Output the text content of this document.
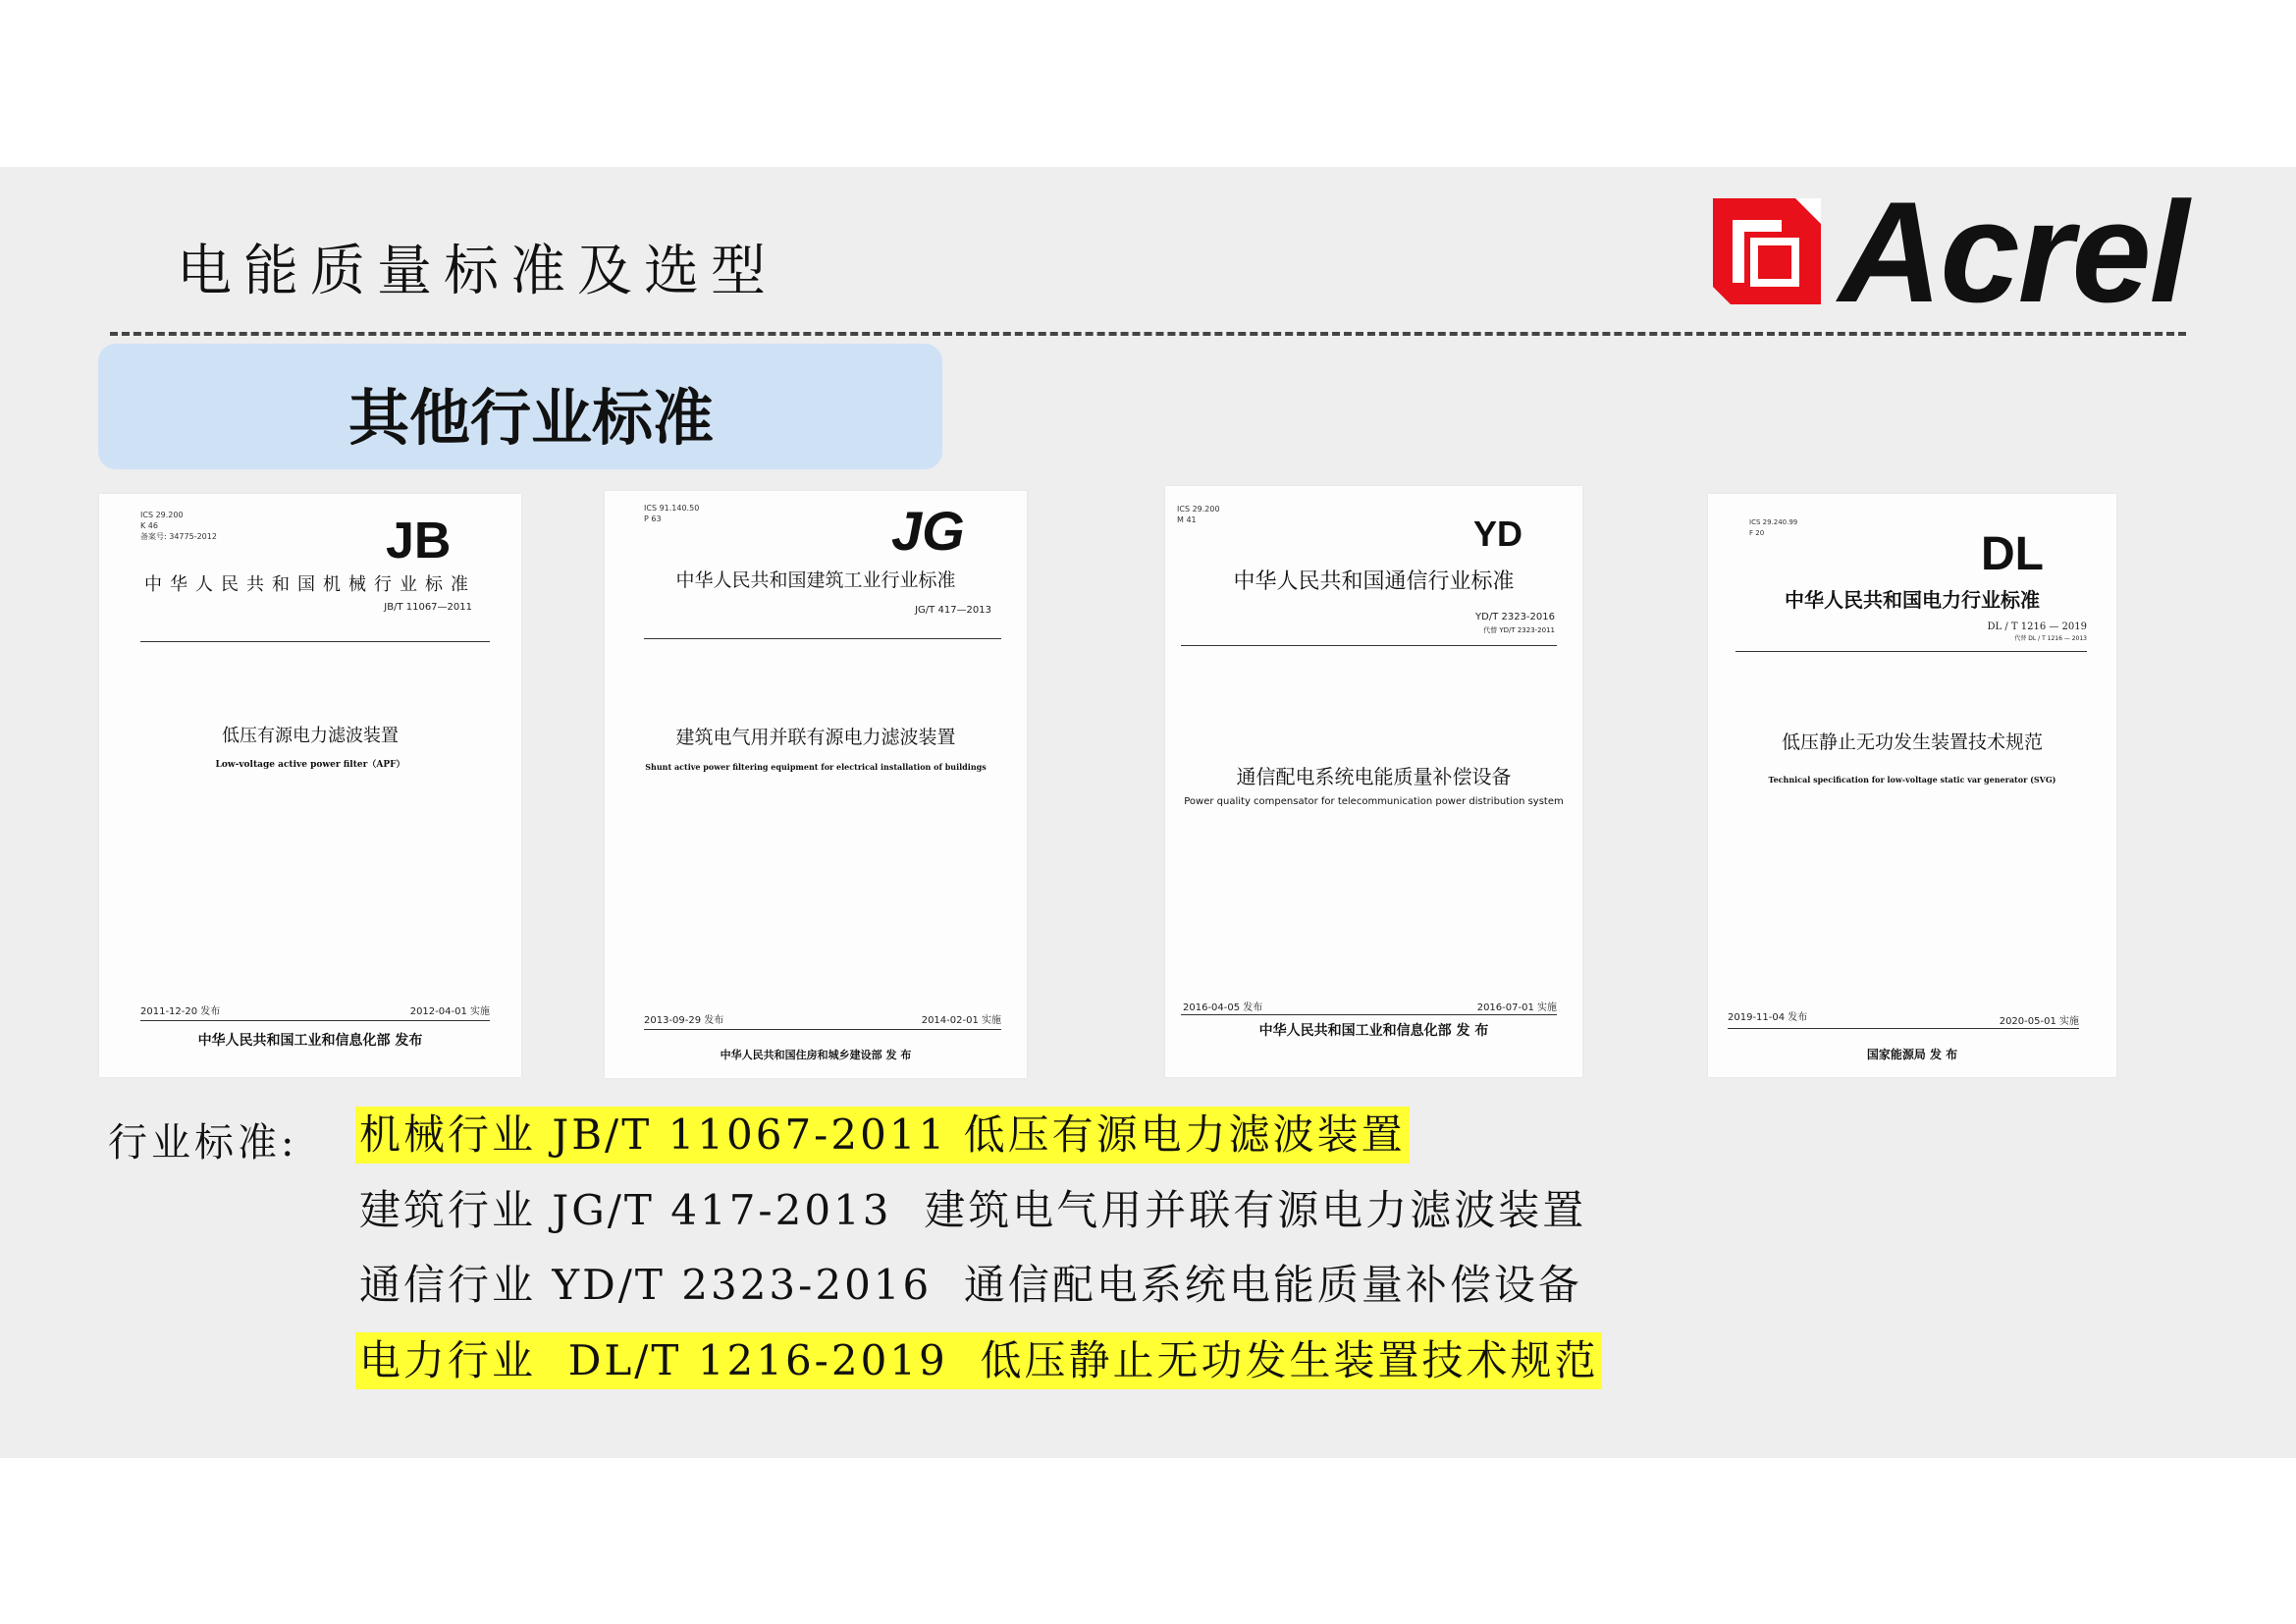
电能质量标准及选型	Acrel
其他行业标准
ICS 29.200
K 46
备案号: 34775-2012	JB
中华人民共和国机械行业标准
JB/T 11067—2011
低压有源电力滤波装置
Low-voltage active power filter（APF）
2011-12-20 发布	2012-04-01 实施
中华人民共和国工业和信息化部 发布
ICS 91.140.50
P 63	JG
中华人民共和国建筑工业行业标准
JG/T 417—2013
建筑电气用并联有源电力滤波装置
Shunt active power filtering equipment for electrical installation of buildings
2013-09-29 发布	2014-02-01 实施
中华人民共和国住房和城乡建设部 发 布
ICS 29.200
M 41	YD
中华人民共和国通信行业标准
YD/T 2323-2016
代替 YD/T 2323-2011
通信配电系统电能质量补偿设备
Power quality compensator for telecommunication power distribution system
2016-04-05 发布	2016-07-01 实施
中华人民共和国工业和信息化部 发 布
ICS 29.240.99
F 20	DL
中华人民共和国电力行业标准
DL / T 1216 — 2019
代替 DL / T 1216 — 2013
低压静止无功发生装置技术规范
Technical specification for low-voltage static var generator (SVG)
2019-11-04 发布	2020-05-01 实施
国家能源局 发 布
行业标准: 机械行业 JB/T 11067-2011 低压有源电力滤波装置
建筑行业 JG/T 417-2013  建筑电气用并联有源电力滤波装置
通信行业 YD/T 2323-2016  通信配电系统电能质量补偿设备
电力行业  DL/T 1216-2019  低压静止无功发生装置技术规范
